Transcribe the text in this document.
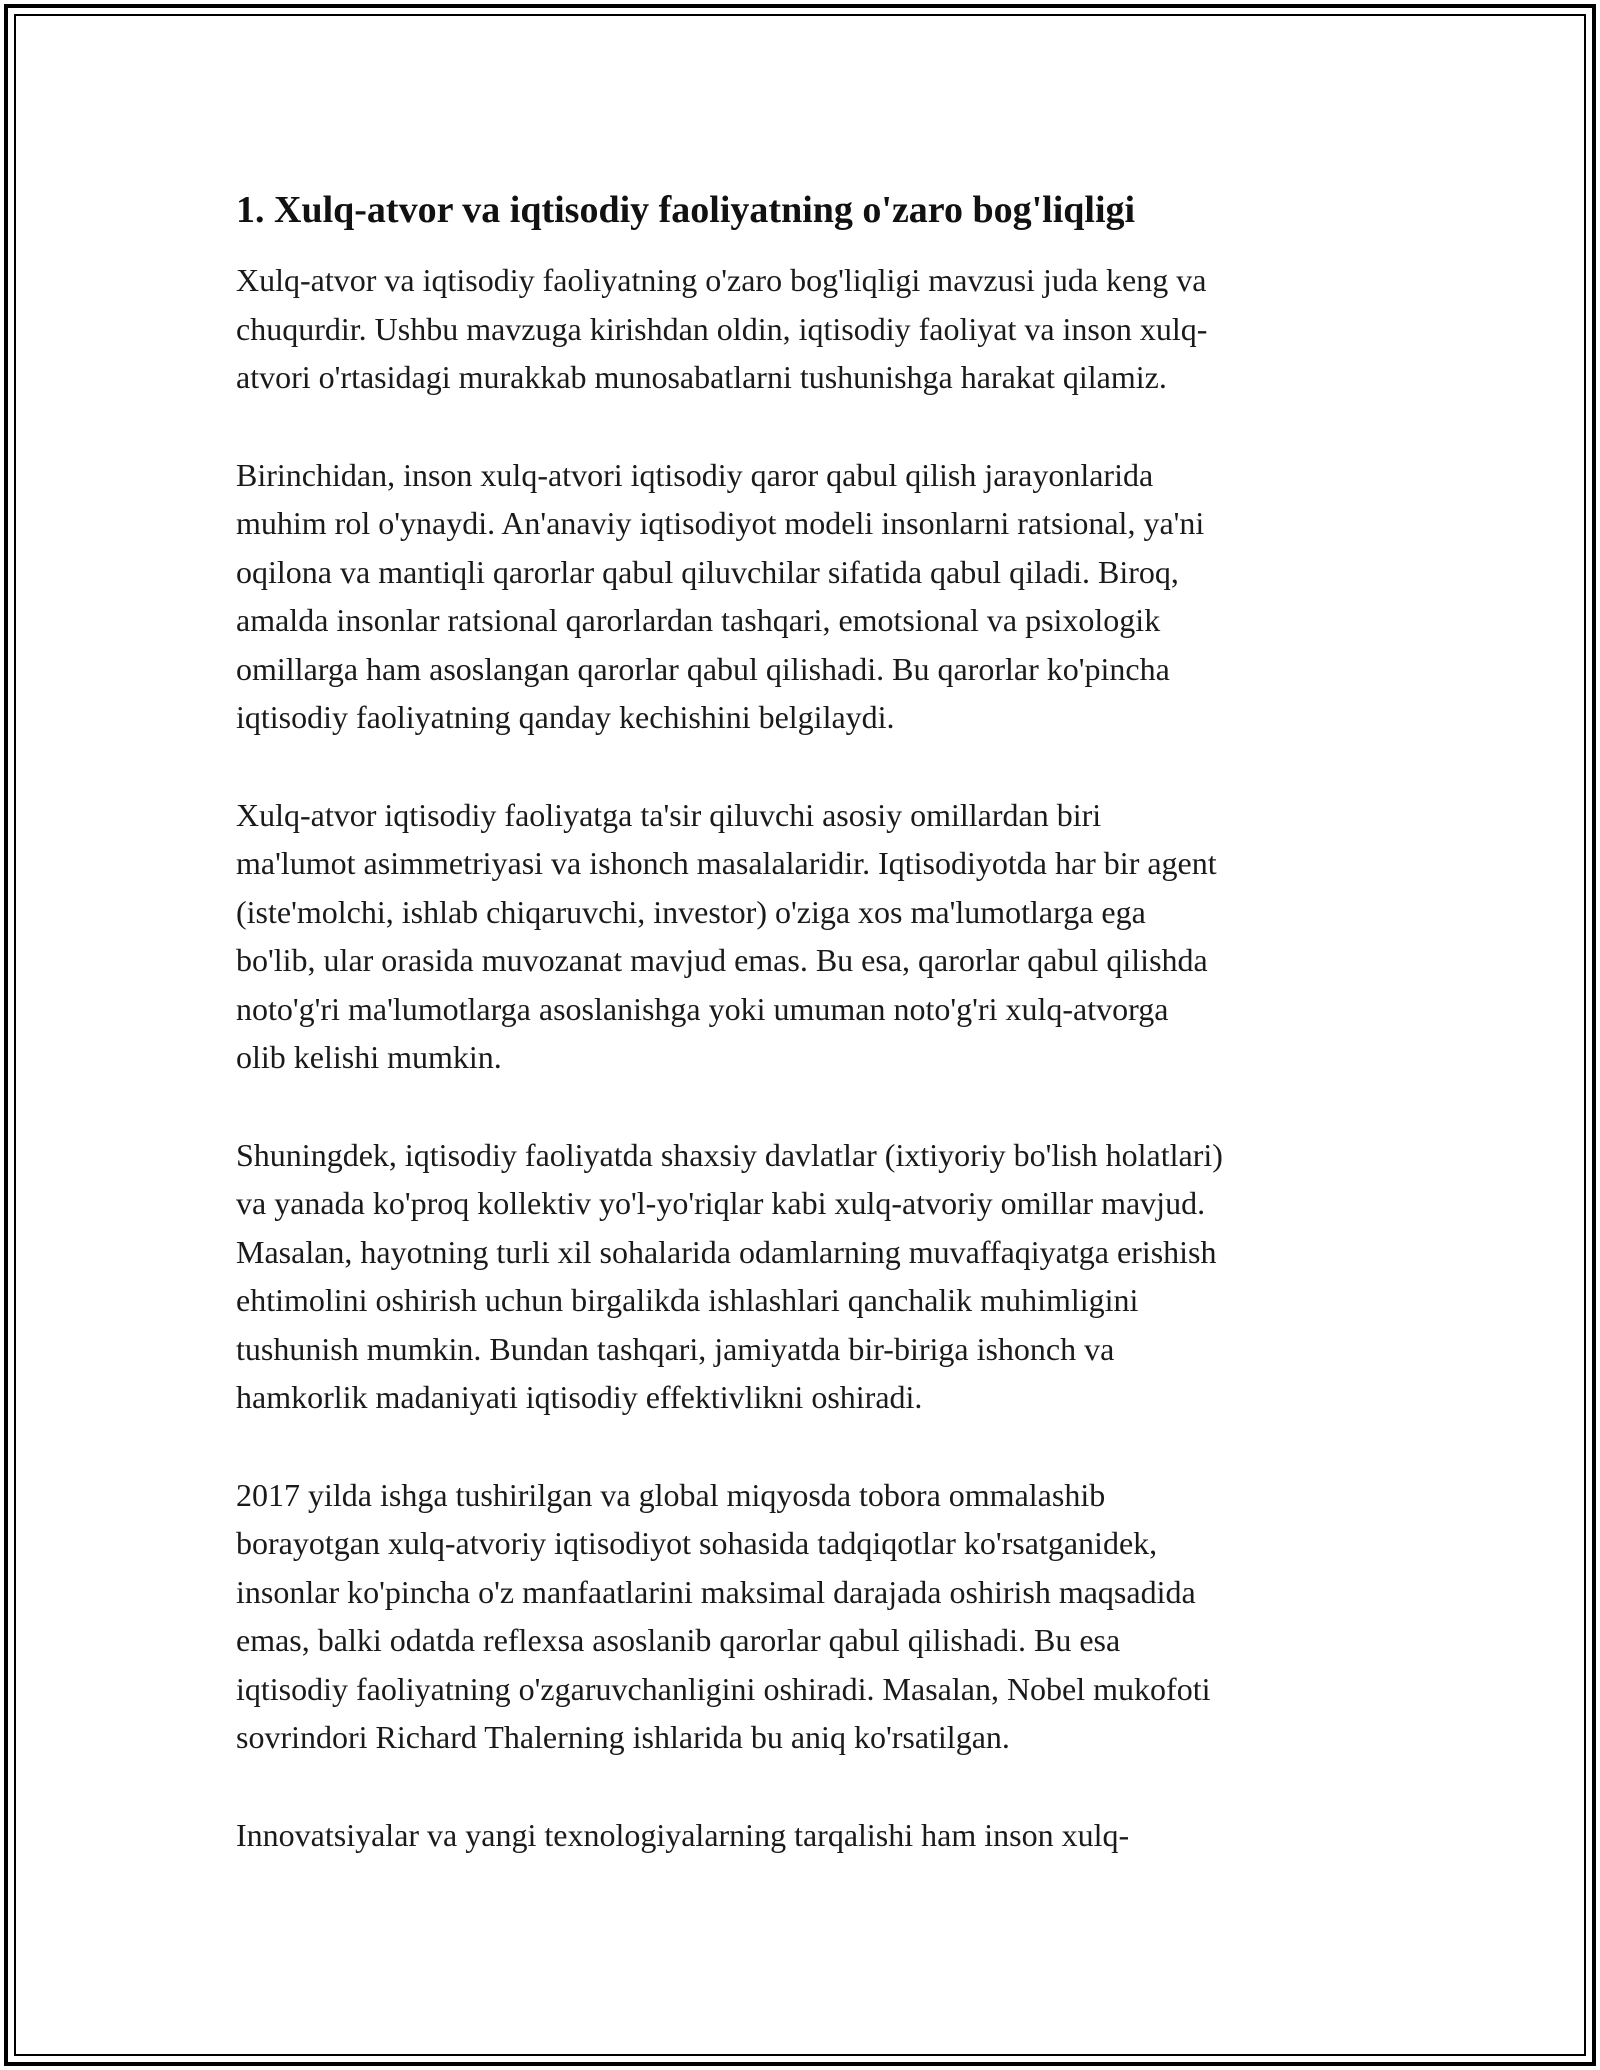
1. Xulq-atvor va iqtisodiy faoliyatning o'zaro bog'liqligi

Xulq-atvor va iqtisodiy faoliyatning o'zaro bog'liqligi mavzusi juda keng va
chuqurdir. Ushbu mavzuga kirishdan oldin, iqtisodiy faoliyat va inson xulq-
atvori o'rtasidagi murakkab munosabatlarni tushunishga harakat qilamiz.

Birinchidan, inson xulq-atvori iqtisodiy qaror qabul qilish jarayonlarida
muhim rol o'ynaydi. An'anaviy iqtisodiyot modeli insonlarni ratsional, ya'ni
oqilona va mantiqli qarorlar qabul qiluvchilar sifatida qabul qiladi. Biroq,
amalda insonlar ratsional qarorlardan tashqari, emotsional va psixologik
omillarga ham asoslangan qarorlar qabul qilishadi. Bu qarorlar ko'pincha
iqtisodiy faoliyatning qanday kechishini belgilaydi.

Xulq-atvor iqtisodiy faoliyatga ta'sir qiluvchi asosiy omillardan biri
ma'lumot asimmetriyasi va ishonch masalalaridir. Iqtisodiyotda har bir agent
(iste'molchi, ishlab chiqaruvchi, investor) o'ziga xos ma'lumotlarga ega
bo'lib, ular orasida muvozanat mavjud emas. Bu esa, qarorlar qabul qilishda
noto'g'ri ma'lumotlarga asoslanishga yoki umuman noto'g'ri xulq-atvorga
olib kelishi mumkin.

Shuningdek, iqtisodiy faoliyatda shaxsiy davlatlar (ixtiyoriy bo'lish holatlari)
va yanada ko'proq kollektiv yo'l-yo'riqlar kabi xulq-atvoriy omillar mavjud.
Masalan, hayotning turli xil sohalarida odamlarning muvaffaqiyatga erishish
ehtimolini oshirish uchun birgalikda ishlashlari qanchalik muhimligini
tushunish mumkin. Bundan tashqari, jamiyatda bir-biriga ishonch va
hamkorlik madaniyati iqtisodiy effektivlikni oshiradi.

2017 yilda ishga tushirilgan va global miqyosda tobora ommalashib
borayotgan xulq-atvoriy iqtisodiyot sohasida tadqiqotlar ko'rsatganidek,
insonlar ko'pincha o'z manfaatlarini maksimal darajada oshirish maqsadida
emas, balki odatda reflexsa asoslanib qarorlar qabul qilishadi. Bu esa
iqtisodiy faoliyatning o'zgaruvchanligini oshiradi. Masalan, Nobel mukofoti
sovrindori Richard Thalerning ishlarida bu aniq ko'rsatilgan.

Innovatsiyalar va yangi texnologiyalarning tarqalishi ham inson xulq-
